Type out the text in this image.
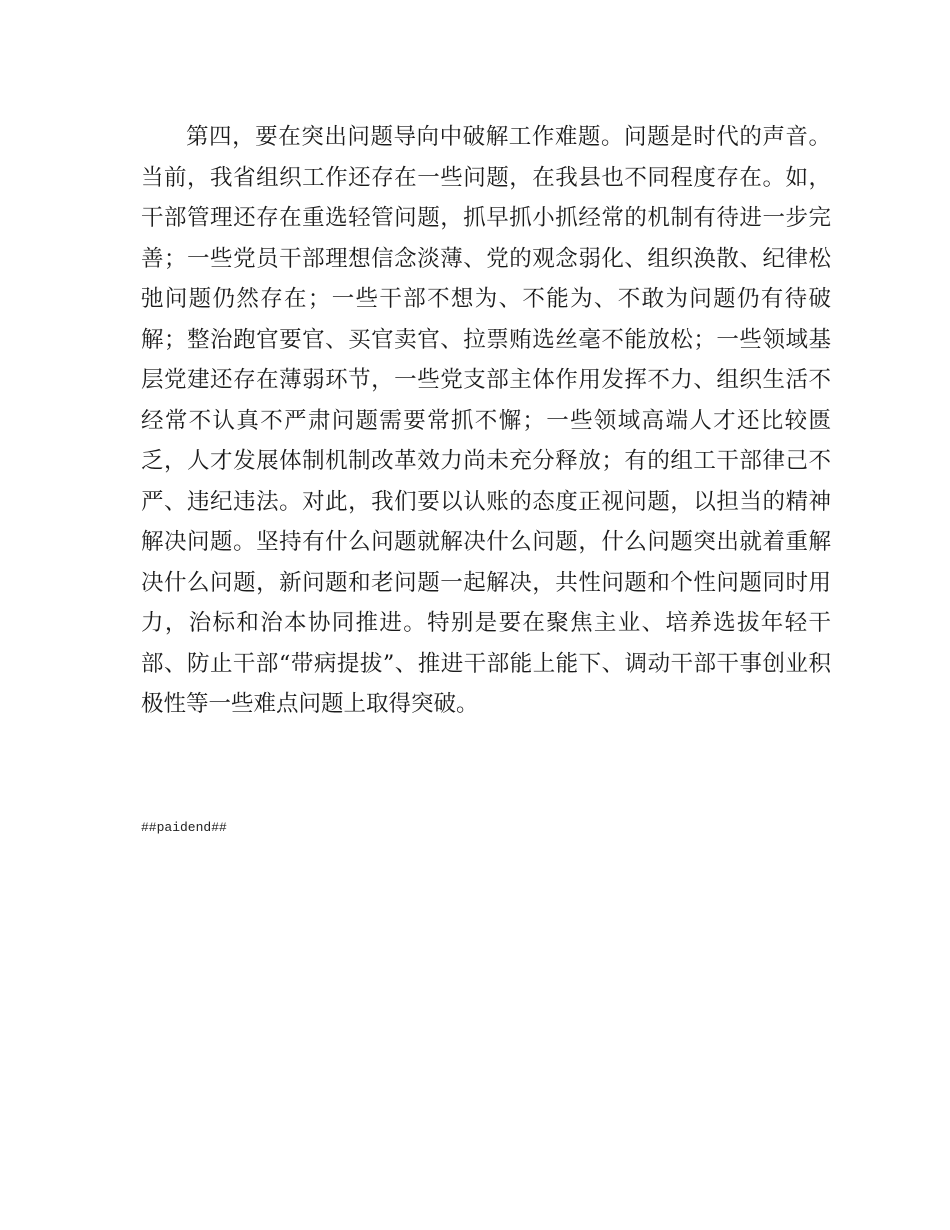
第四，要在突出问题导向中破解工作难题。问题是时代的声音。当前，我省组织工作还存在一些问题，在我县也不同程度存在。如，干部管理还存在重选轻管问题，抓早抓小抓经常的机制有待进一步完善；一些党员干部理想信念淡薄、党的观念弱化、组织涣散、纪律松弛问题仍然存在；一些干部不想为、不能为、不敢为问题仍有待破解；整治跑官要官、买官卖官、拉票贿选丝毫不能放松；一些领域基层党建还存在薄弱环节，一些党支部主体作用发挥不力、组织生活不经常不认真不严肃问题需要常抓不懈；一些领域高端人才还比较匮乏，人才发展体制机制改革效力尚未充分释放；有的组工干部律己不严、违纪违法。对此，我们要以认账的态度正视问题，以担当的精神解决问题。坚持有什么问题就解决什么问题，什么问题突出就着重解决什么问题，新问题和老问题一起解决，共性问题和个性问题同时用力，治标和治本协同推进。特别是要在聚焦主业、培养选拔年轻干部、防止干部“带病提拔”、推进干部能上能下、调动干部干事创业积极性等一些难点问题上取得突破。

##paidend##
